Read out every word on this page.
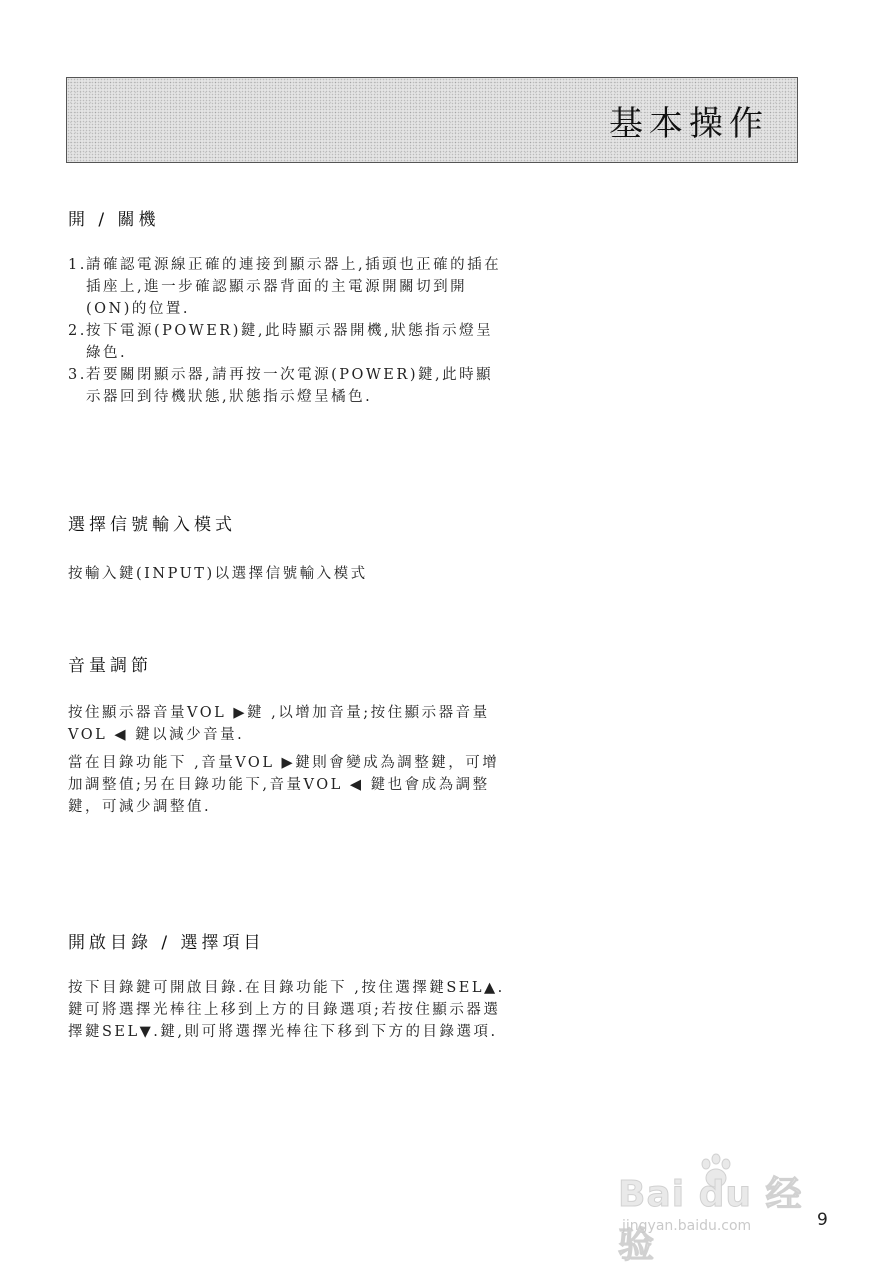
基本操作
開 / 關機
1. 請確認電源線正確的連接到顯示器上,插頭也正確的插在插座上,進一步確認顯示器背面的主電源開關切到開(ON)的位置.
2. 按下電源(POWER)鍵,此時顯示器開機,狀態指示燈呈綠色.
3. 若要關閉顯示器,請再按一次電源(POWER)鍵,此時顯示器回到待機狀態,狀態指示燈呈橘色.
選擇信號輸入模式

按輸入鍵(INPUT)以選擇信號輸入模式

音量調節

按住顯示器音量VOL ▶鍵 ,以增加音量;按住顯示器音量VOL ◀ 鍵以減少音量.

當在目錄功能下 ,音量VOL ▶鍵則會變成為調整鍵，可增加調整值;另在目錄功能下,音量VOL ◀ 鍵也會成為調整鍵，可減少調整值.

開啟目錄 / 選擇項目

按下目錄鍵可開啟目錄.在目錄功能下 ,按住選擇鍵SEL▲.鍵可將選擇光棒往上移到上方的目錄選項;若按住顯示器選擇鍵SEL▼.鍵,則可將選擇光棒往下移到下方的目錄選項.

Bai du 经验
jingyan.baidu.com	9
